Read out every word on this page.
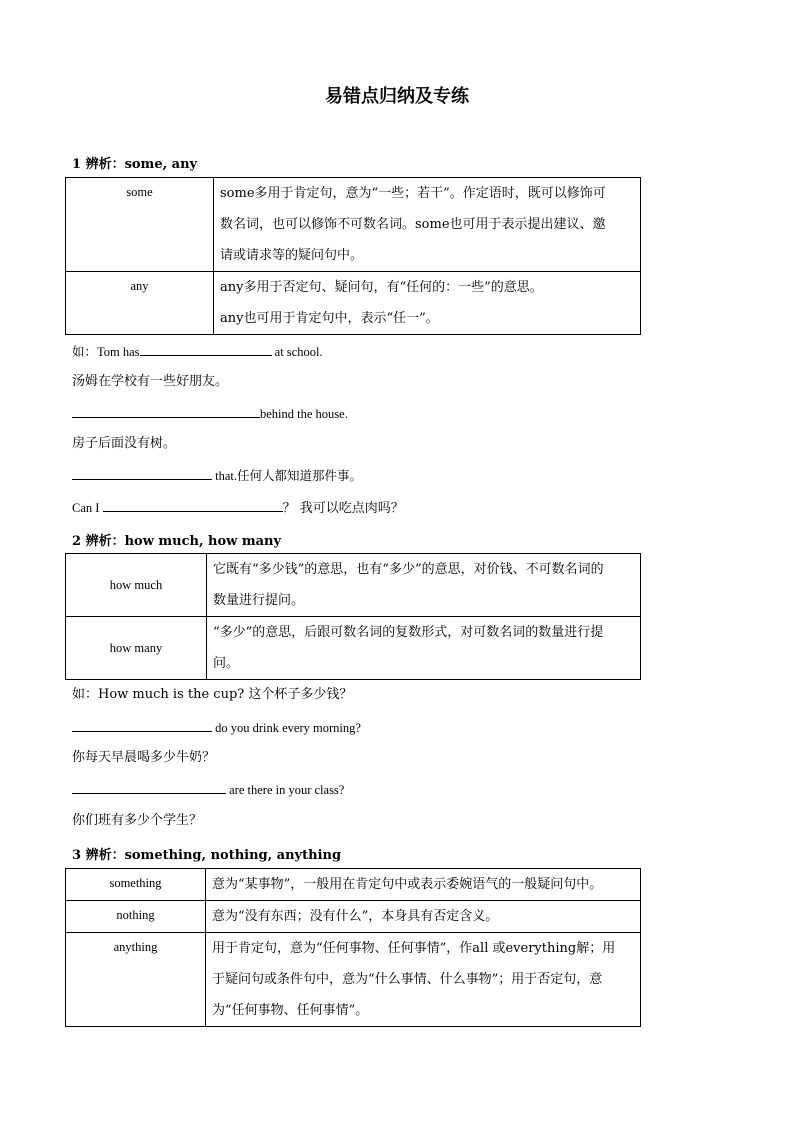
易错点归纳及专练
1 辨析：some, any
some	some多用于肯定句，意为“一些；若干”。作定语时，既可以修饰可

数名词，也可以修饰不可数名词。some也可用于表示提出建议、邀

请或请求等的疑问句中。

any	any多用于否定句、疑问句，有“任何的：一些”的意思。

any也可用于肯定句中，表示“任一”。

如：Tom has	at school.
汤姆在学校有一些好朋友。
behind the house.
房子后面没有树。
that.任何人都知道那件事。
Can I	？ 我可以吃点肉吗？
2 辨析：how much, how many
how much	它既有“多少钱”的意思，也有“多少”的意思，对价钱、不可数名词的

数量进行提问。

how many	“多少”的意思，后跟可数名词的复数形式，对可数名词的数量进行提

问。

如：How much is the cup? 这个杯子多少钱？
do you drink every morning?
你每天早晨喝多少牛奶？
are there in your class?
你们班有多少个学生？
3 辨析：something, nothing, anything
something	意为“某事物”，一般用在肯定句中或表示委婉语气的一般疑问句中。

nothing	意为“没有东西；没有什么”，本身具有否定含义。

anything	用于肯定句，意为“任何事物、任何事情”，作all 或everything解；用

于疑问句或条件句中，意为“什么事情、什么事物”；用于否定句，意

为“任何事物、任何事情”。
